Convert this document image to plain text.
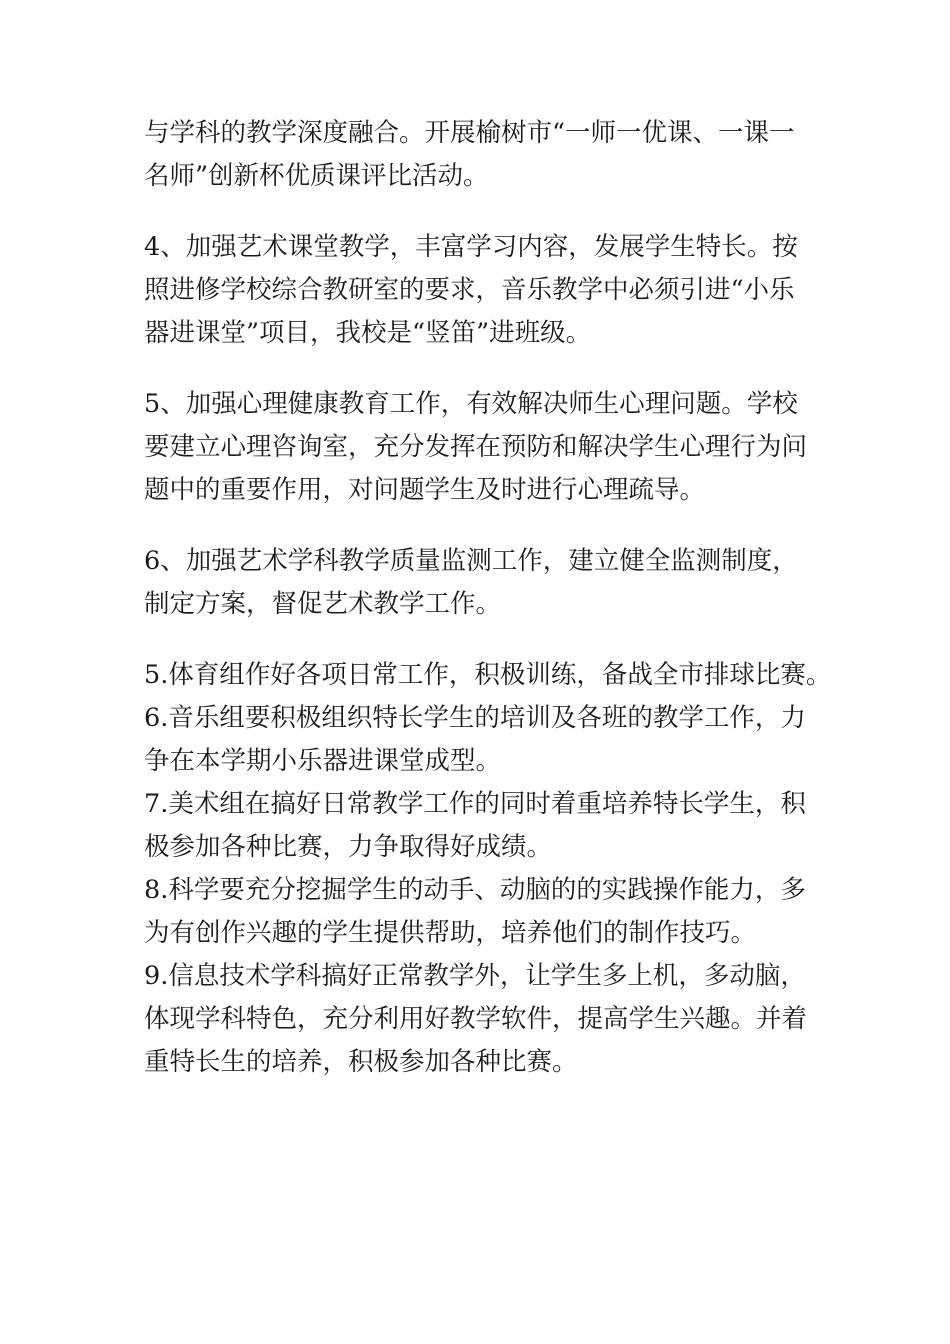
与学科的教学深度融合。开展榆树市“一师一优课、一课一
名师”创新杯优质课评比活动。

4、加强艺术课堂教学，丰富学习内容，发展学生特长。按
照进修学校综合教研室的要求，音乐教学中必须引进“小乐
器进课堂”项目，我校是“竖笛”进班级。

5、加强心理健康教育工作，有效解决师生心理问题。学校
要建立心理咨询室，充分发挥在预防和解决学生心理行为问
题中的重要作用，对问题学生及时进行心理疏导。

6、加强艺术学科教学质量监测工作，建立健全监测制度，
制定方案，督促艺术教学工作。

5.体育组作好各项日常工作，积极训练，备战全市排球比赛。

6.音乐组要积极组织特长学生的培训及各班的教学工作，力
争在本学期小乐器进课堂成型。

7.美术组在搞好日常教学工作的同时着重培养特长学生，积
极参加各种比赛，力争取得好成绩。

8.科学要充分挖掘学生的动手、动脑的的实践操作能力，多
为有创作兴趣的学生提供帮助，培养他们的制作技巧。

9.信息技术学科搞好正常教学外，让学生多上机，多动脑，
体现学科特色，充分利用好教学软件，提高学生兴趣。并着
重特长生的培养，积极参加各种比赛。
